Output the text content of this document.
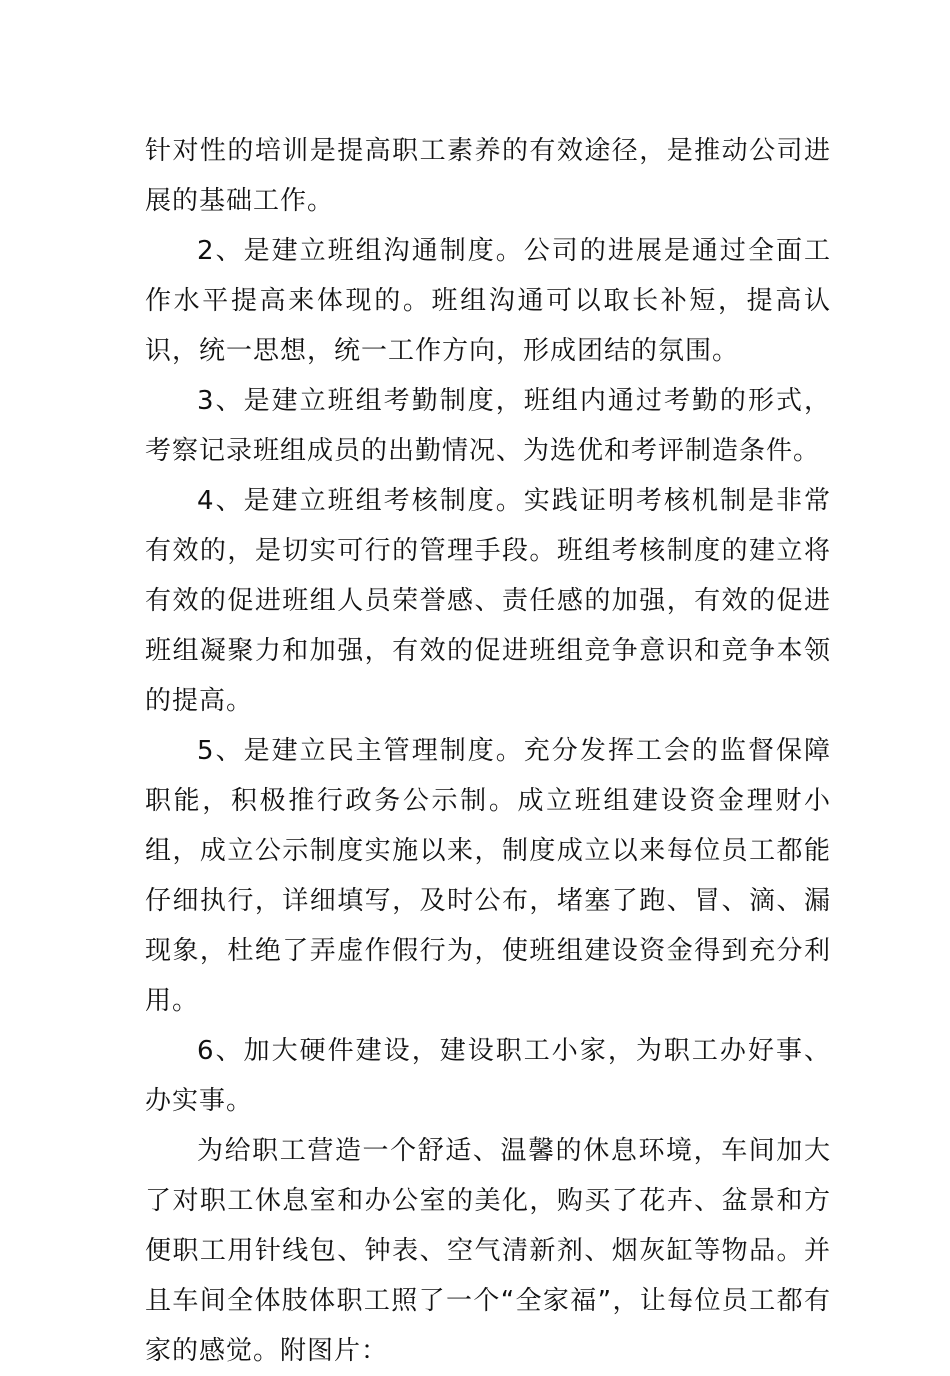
针对性的培训是提高职工素养的有效途径，是推动公司进展的基础工作。

2、是建立班组沟通制度。公司的进展是通过全面工作水平提高来体现的。班组沟通可以取长补短，提高认识，统一思想，统一工作方向，形成团结的氛围。

3、是建立班组考勤制度，班组内通过考勤的形式，考察记录班组成员的出勤情况、为选优和考评制造条件。

4、是建立班组考核制度。实践证明考核机制是非常有效的，是切实可行的管理手段。班组考核制度的建立将有效的促进班组人员荣誉感、责任感的加强，有效的促进班组凝聚力和加强，有效的促进班组竞争意识和竞争本领的提高。

5、是建立民主管理制度。充分发挥工会的监督保障职能，积极推行政务公示制。成立班组建设资金理财小组，成立公示制度实施以来，制度成立以来每位员工都能仔细执行，详细填写，及时公布，堵塞了跑、冒、滴、漏现象，杜绝了弄虚作假行为，使班组建设资金得到充分利用。

6、加大硬件建设，建设职工小家，为职工办好事、办实事。

为给职工营造一个舒适、温馨的休息环境，车间加大了对职工休息室和办公室的美化，购买了花卉、盆景和方便职工用针线包、钟表、空气清新剂、烟灰缸等物品。并且车间全体肢体职工照了一个“全家福”，让每位员工都有家的感觉。附图片：
